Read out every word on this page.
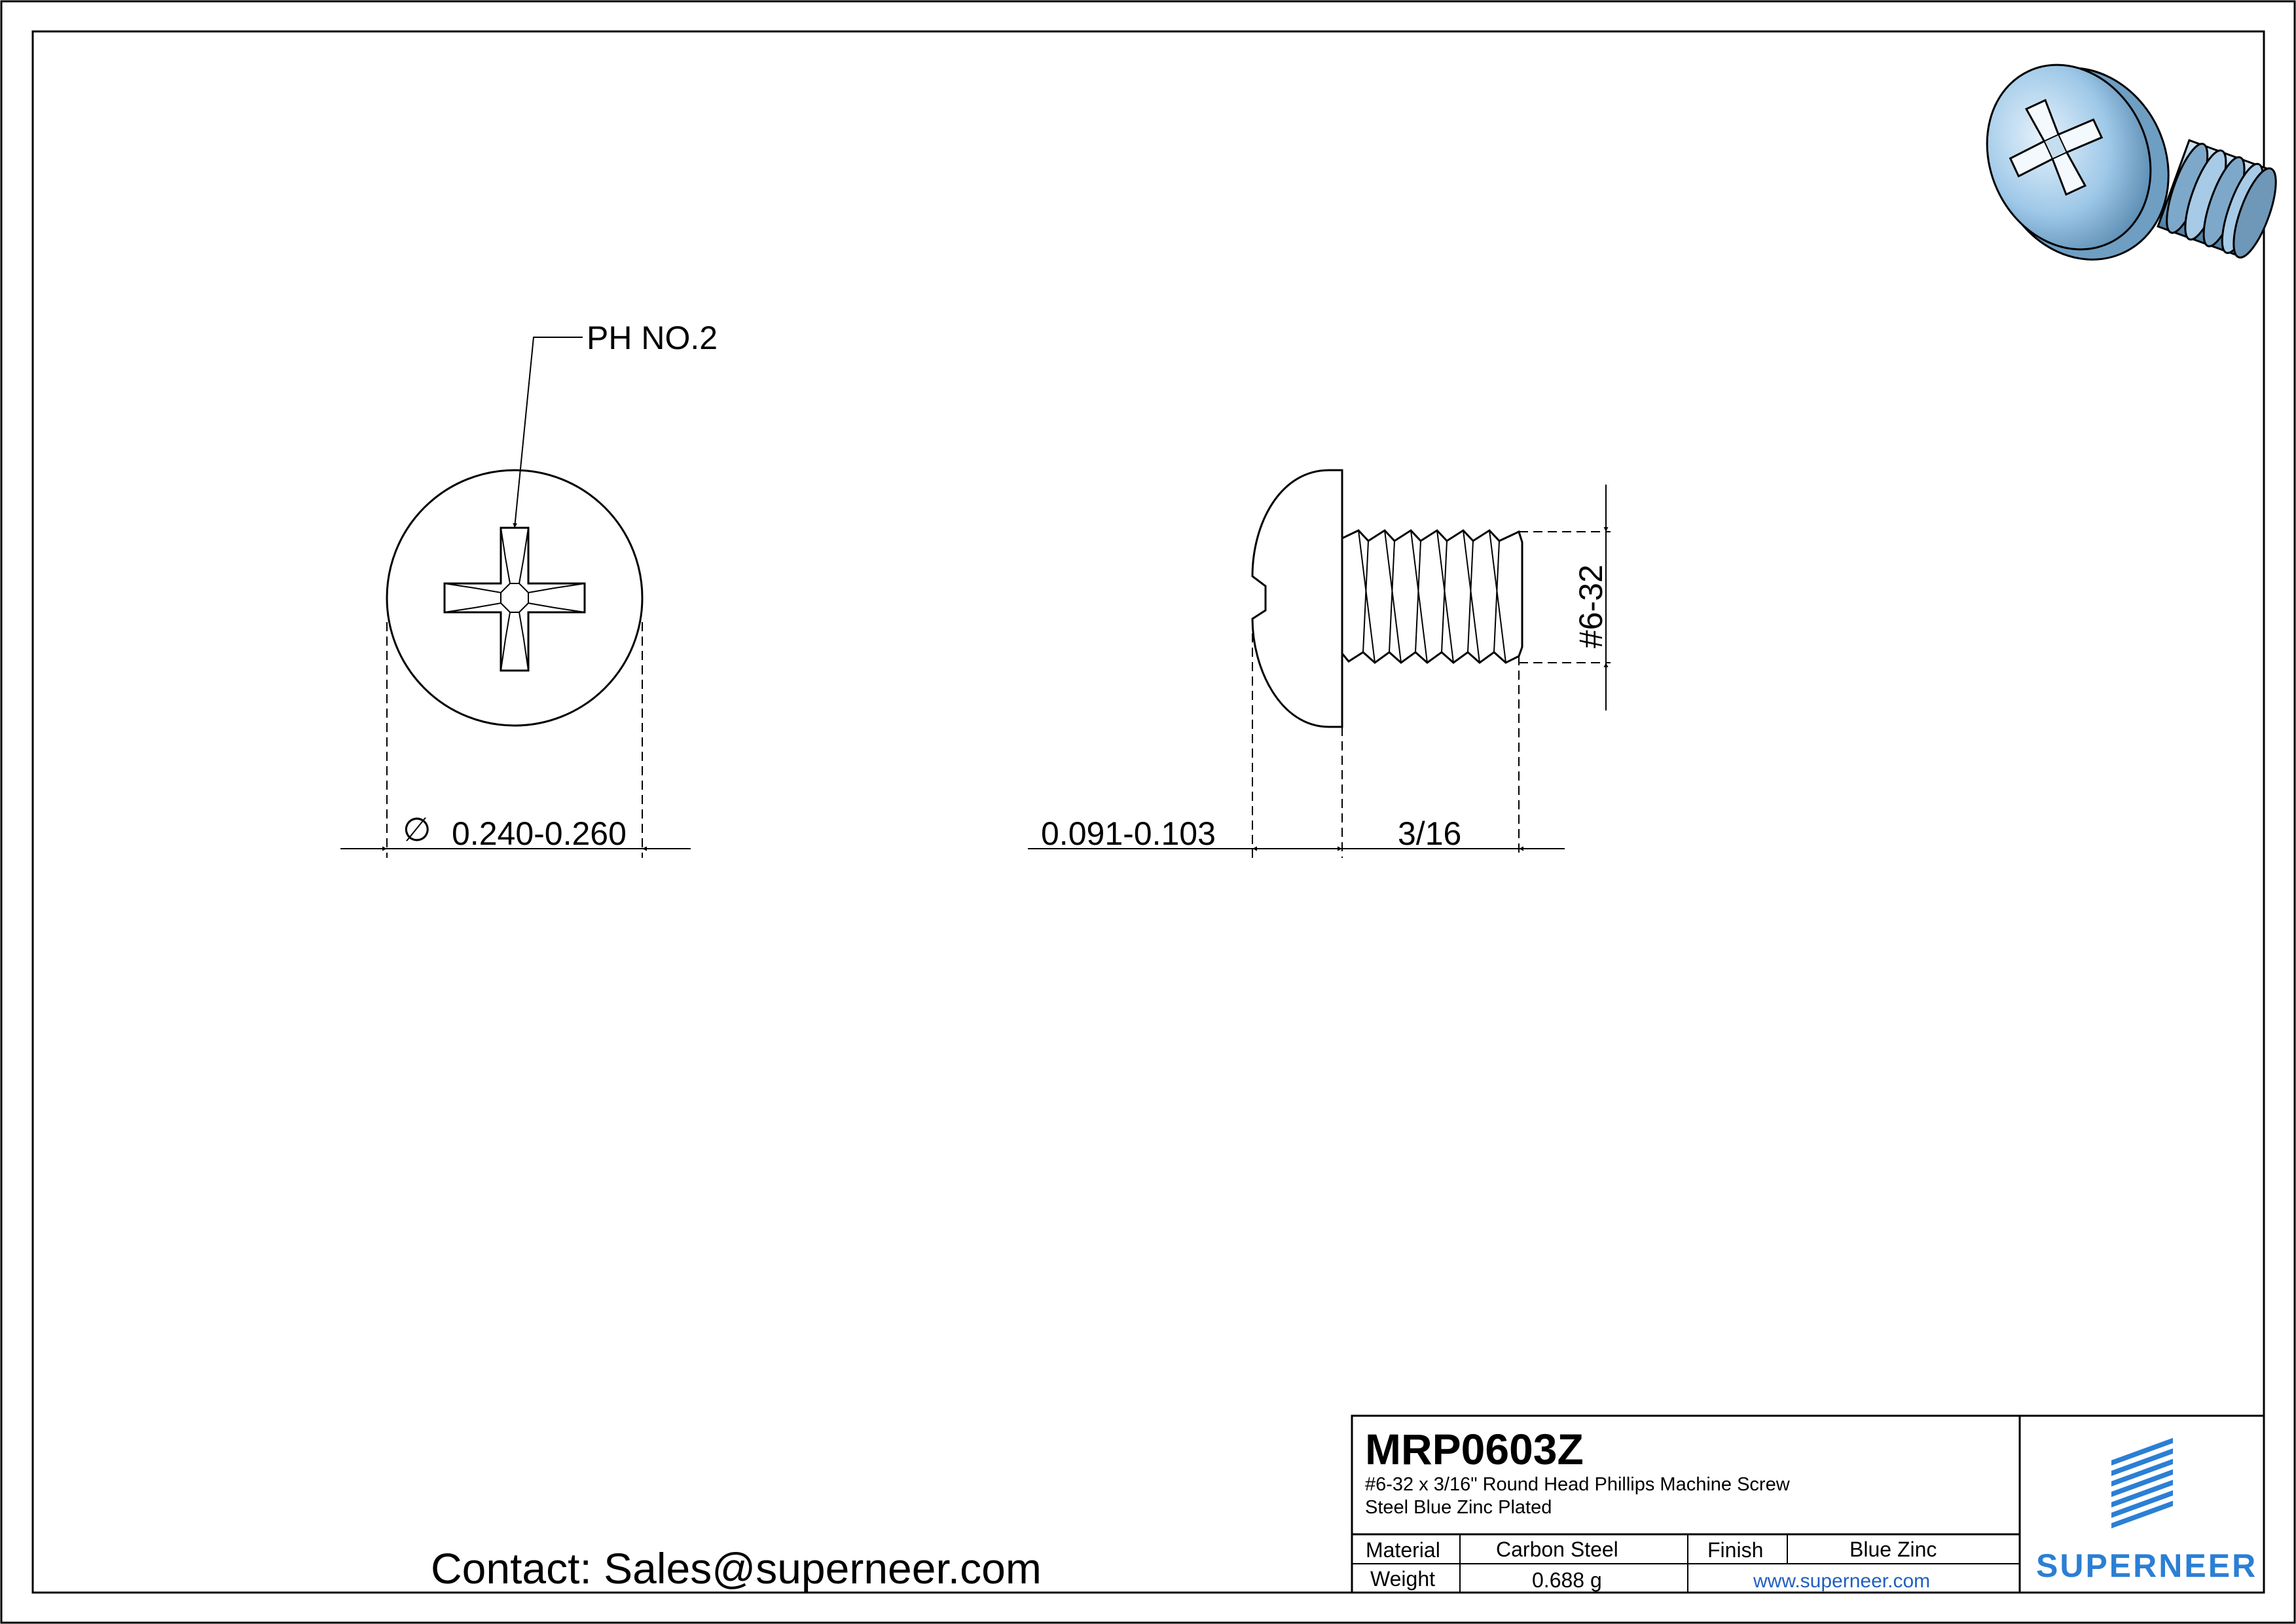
PH NO.2
∅ 0.240-0.260	0.091-0.103	3/16
#6-32
Contact: Sales@superneer.com
MRP0603Z
#6-32 x 3/16" Round Head Phillips Machine Screw
Steel Blue Zinc Plated
Material	Carbon Steel	Finish	Blue Zinc
Weight	0.688 g	www.superneer.com	SUPERNEER
